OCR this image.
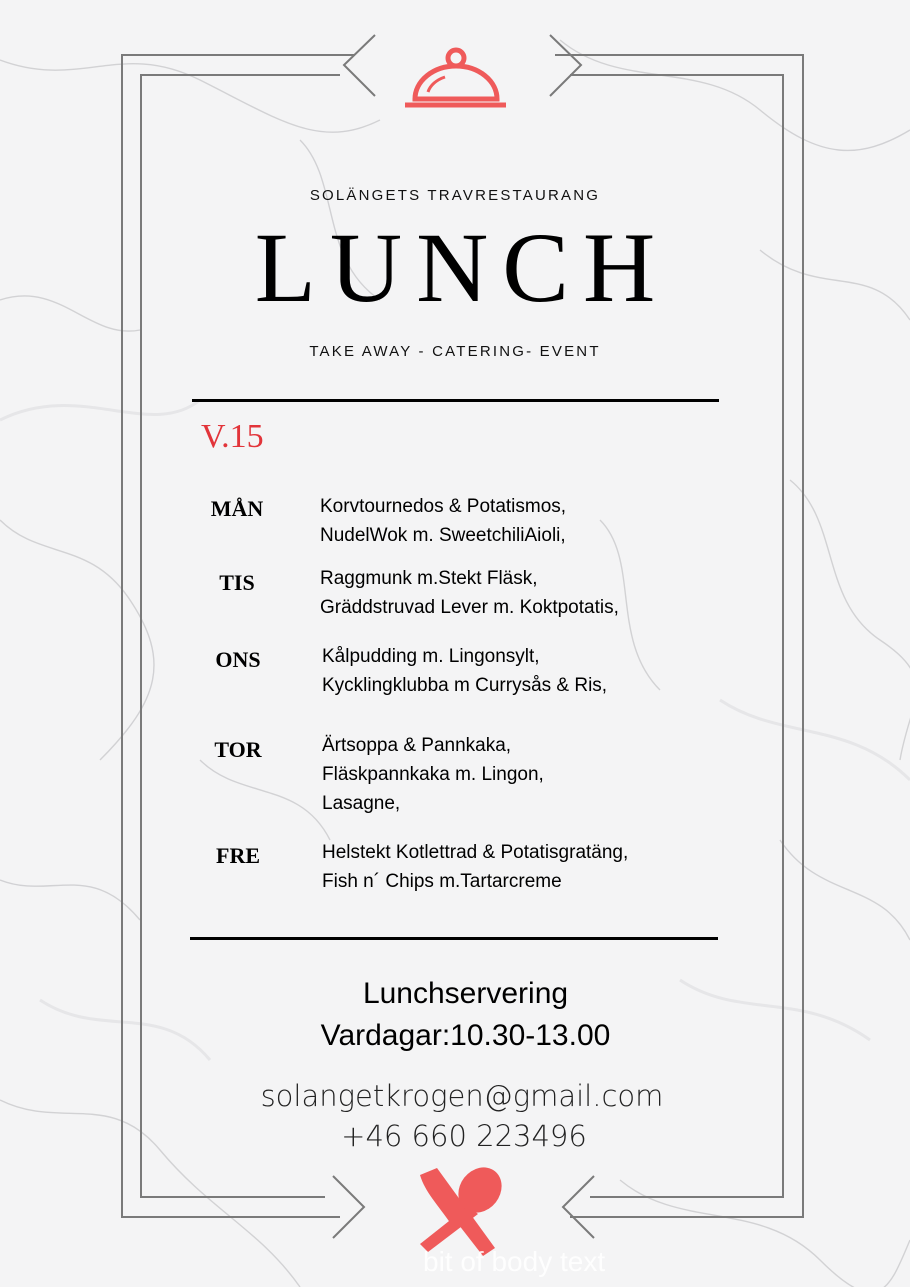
SOLÄNGETS TRAVRESTAURANG
LUNCH
TAKE AWAY - CATERING- EVENT
V.15
MÅN	Korvtournedos & Potatismos,
NudelWok m. SweetchiliAioli,
TIS	Raggmunk m.Stekt Fläsk,
Gräddstruvad Lever m. Koktpotatis,
ONS	Kålpudding m. Lingonsylt,
Kycklingklubba m Currysås & Ris,
TOR	Ärtsoppa & Pannkaka,
Fläskpannkaka m. Lingon,
Lasagne,
FRE	Helstekt Kotlettrad & Potatisgratäng,
Fish n´ Chips m.Tartarcreme
Lunchservering
Vardagar:10.30-13.00
solangetkrogen@gmail.com
+46 660 223496
bit of body text
